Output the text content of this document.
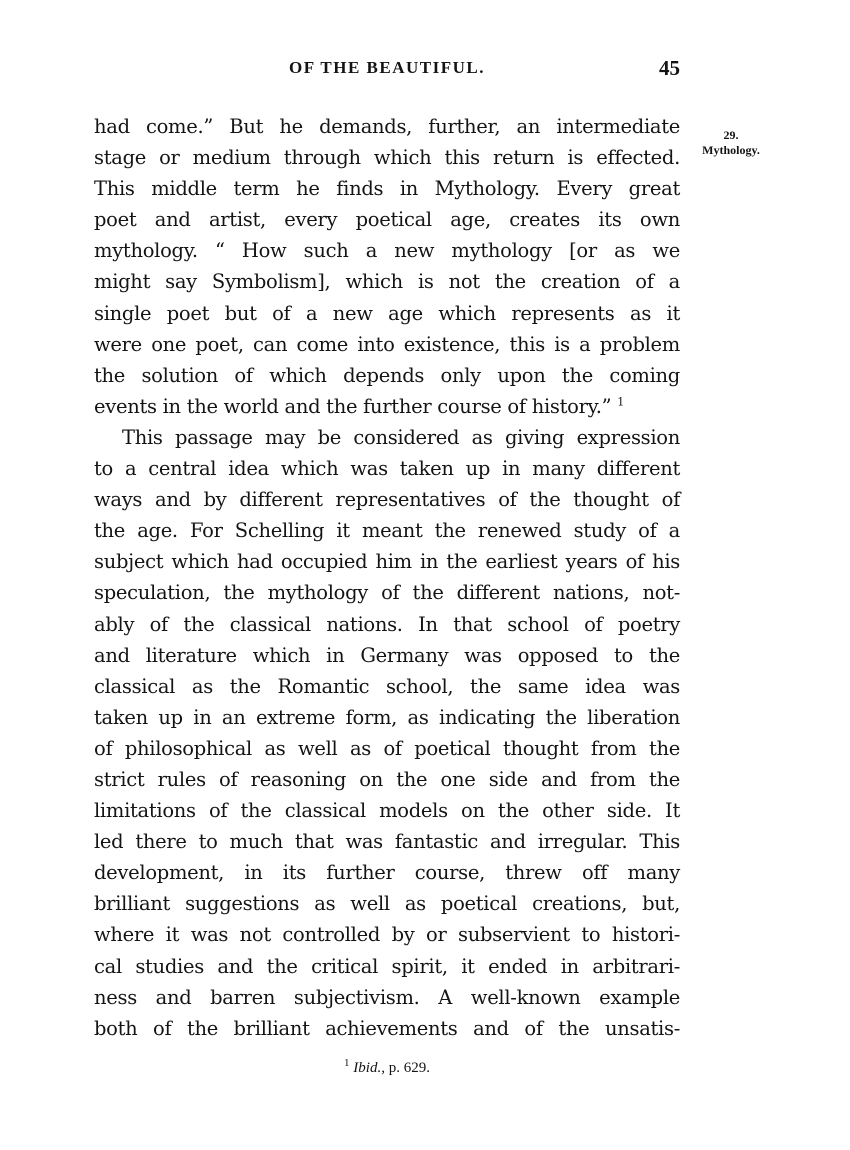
OF THE BEAUTIFUL.	45
29.
Mythology.
had come.” But he demands, further, an intermediate
stage or medium through which this return is effected.
This middle term he finds in Mythology. Every great
poet and artist, every poetical age, creates its own
mythology. “ How such a new mythology [or as we
might say Symbolism], which is not the creation of a
single poet but of a new age which represents as it
were one poet, can come into existence, this is a problem
the solution of which depends only upon the coming
events in the world and the further course of history.” $^1$
This passage may be considered as giving expression
to a central idea which was taken up in many different
ways and by different representatives of the thought of
the age. For Schelling it meant the renewed study of a
subject which had occupied him in the earliest years of his
speculation, the mythology of the different nations, not-
ably of the classical nations. In that school of poetry
and literature which in Germany was opposed to the
classical as the Romantic school, the same idea was
taken up in an extreme form, as indicating the liberation
of philosophical as well as of poetical thought from the
strict rules of reasoning on the one side and from the
limitations of the classical models on the other side. It
led there to much that was fantastic and irregular. This
development, in its further course, threw off many
brilliant suggestions as well as poetical creations, but,
where it was not controlled by or subservient to histori-
cal studies and the critical spirit, it ended in arbitrari-
ness and barren subjectivism. A well-known example
both of the brilliant achievements and of the unsatis-
$^1$ Ibid., p. 629.
